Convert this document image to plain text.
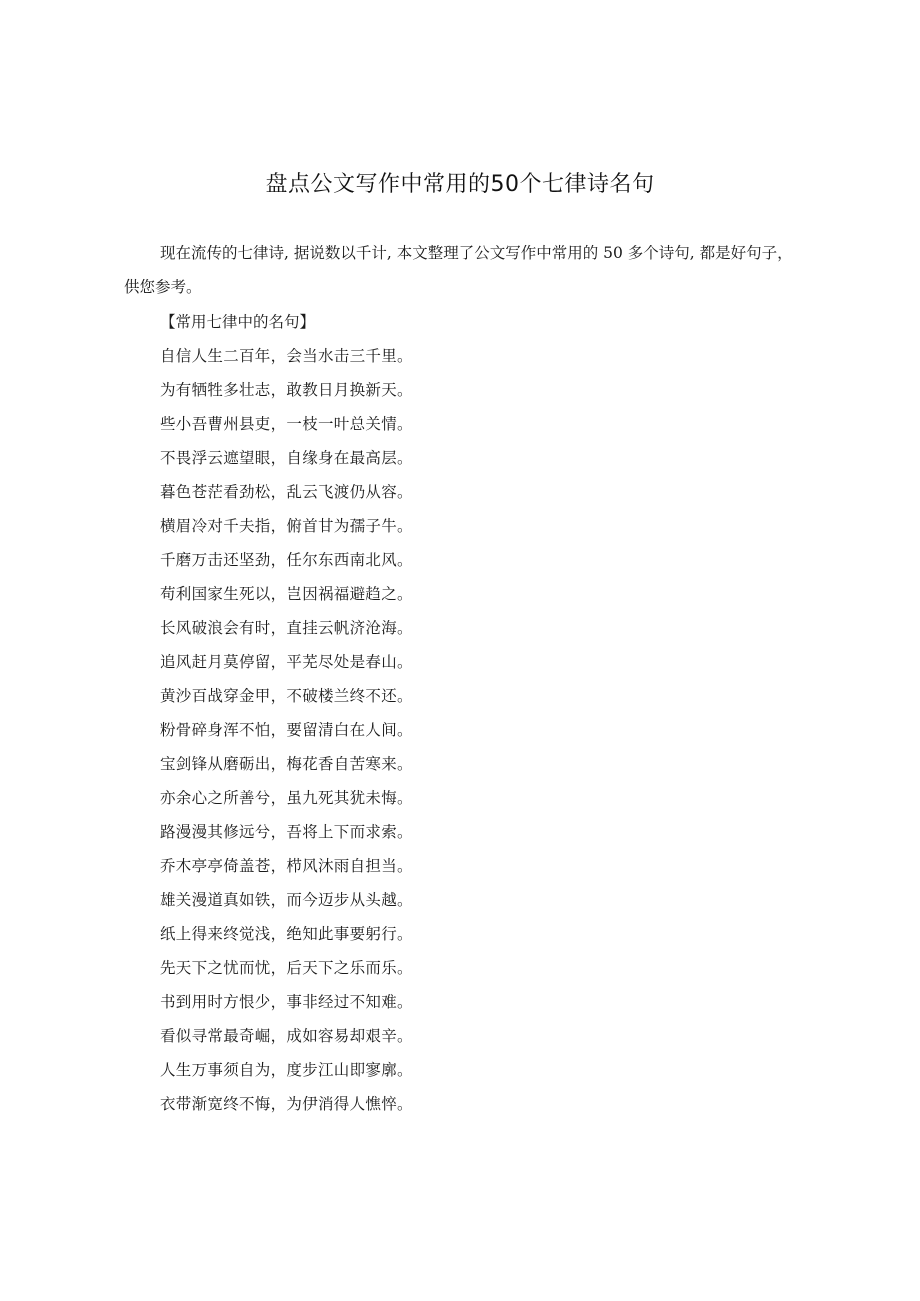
盘点公文写作中常用的50个七律诗名句
现在流传的七律诗, 据说数以千计, 本文整理了公文写作中常用的 50 多个诗句, 都是好句子，供您参考。
【常用七律中的名句】
自信人生二百年，会当水击三千里。
为有牺牲多壮志，敢教日月换新天。
些小吾曹州县吏，一枝一叶总关情。
不畏浮云遮望眼，自缘身在最高层。
暮色苍茫看劲松，乱云飞渡仍从容。
横眉冷对千夫指，俯首甘为孺子牛。
千磨万击还坚劲，任尔东西南北风。
苟利国家生死以，岂因祸福避趋之。
长风破浪会有时，直挂云帆济沧海。
追风赶月莫停留，平芜尽处是春山。
黄沙百战穿金甲，不破楼兰终不还。
粉骨碎身浑不怕，要留清白在人间。
宝剑锋从磨砺出，梅花香自苦寒来。
亦余心之所善兮，虽九死其犹未悔。
路漫漫其修远兮，吾将上下而求索。
乔木亭亭倚盖苍，栉风沐雨自担当。
雄关漫道真如铁，而今迈步从头越。
纸上得来终觉浅，绝知此事要躬行。
先天下之忧而忧，后天下之乐而乐。
书到用时方恨少，事非经过不知难。
看似寻常最奇崛，成如容易却艰辛。
人生万事须自为，度步江山即寥廓。
衣带渐宽终不悔，为伊消得人憔悴。
